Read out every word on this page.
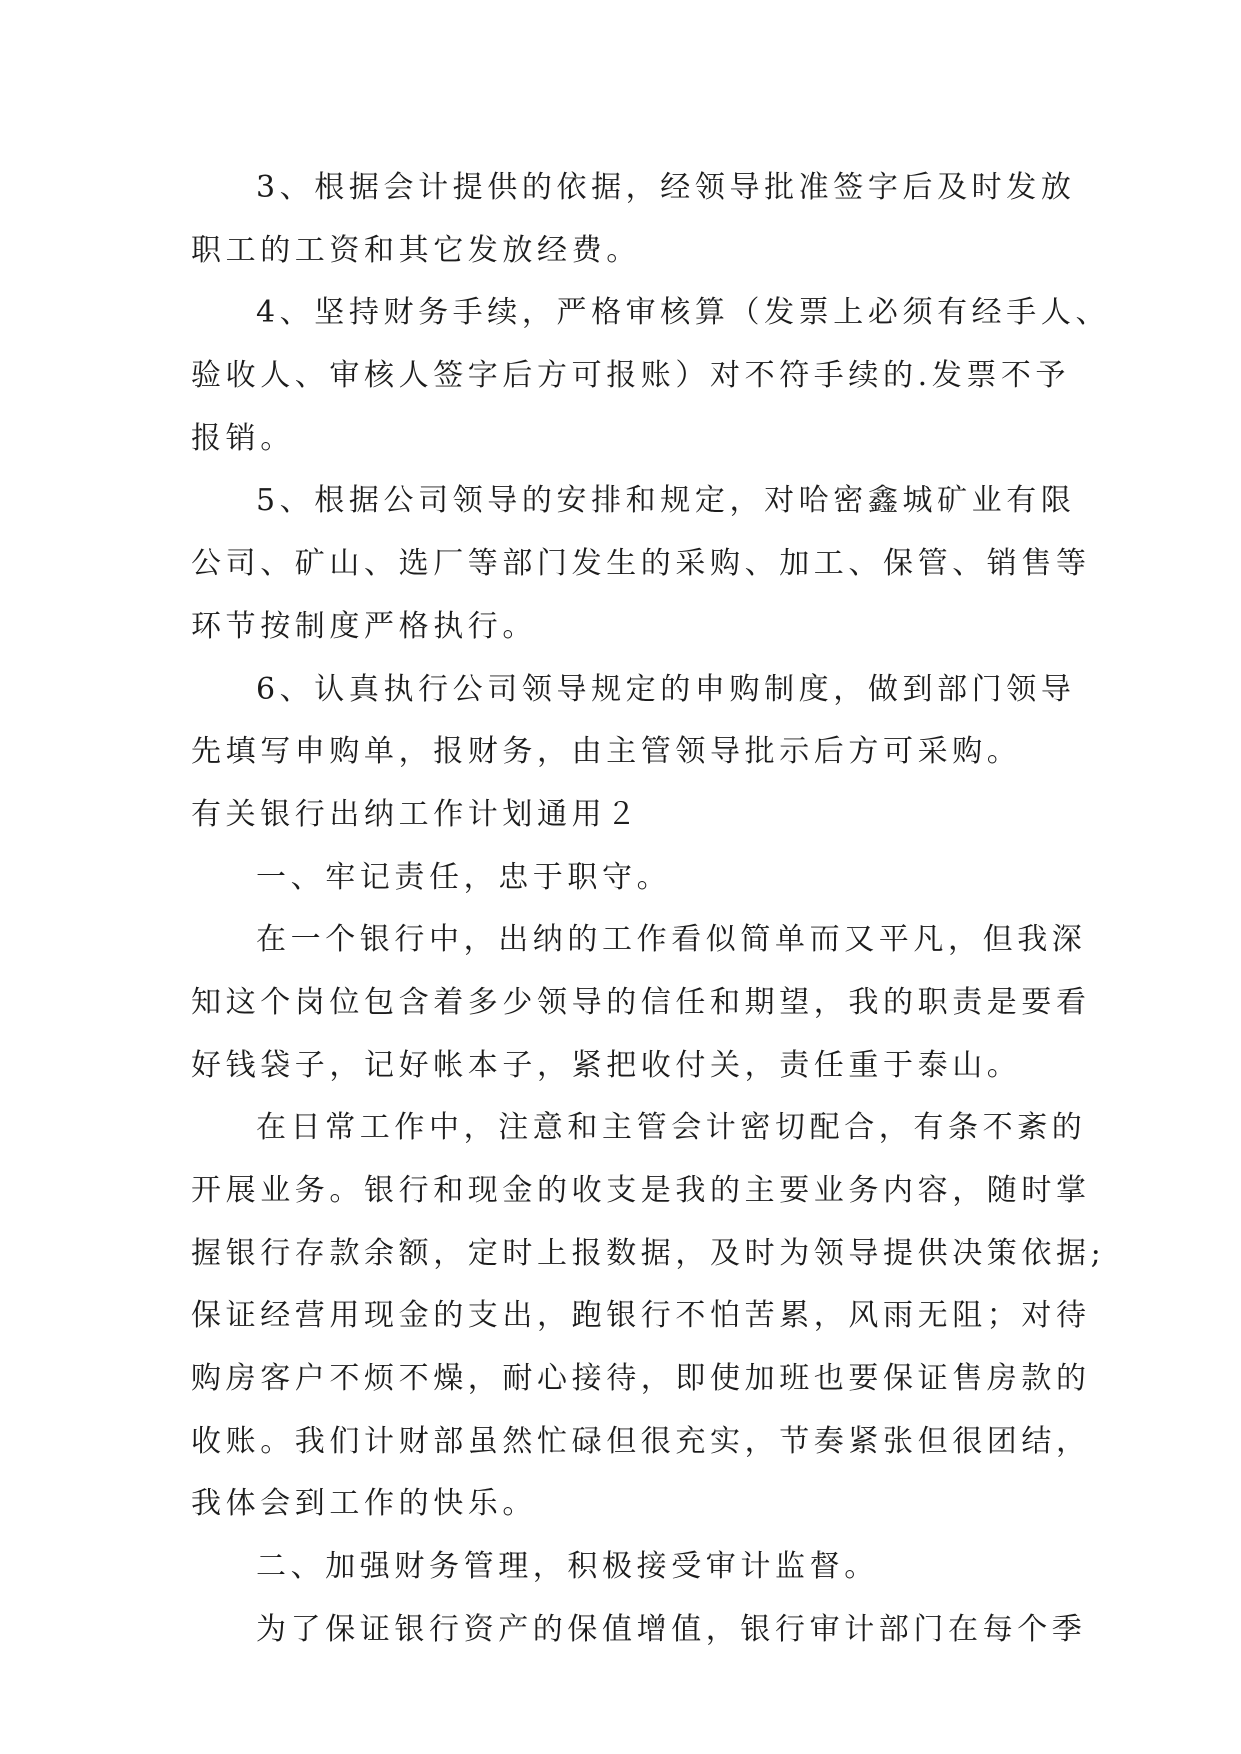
3、根据会计提供的依据，经领导批准签字后及时发放
职工的工资和其它发放经费。
4、坚持财务手续，严格审核算（发票上必须有经手人、
验收人、审核人签字后方可报账）对不符手续的.发票不予
报销。
5、根据公司领导的安排和规定，对哈密鑫城矿业有限
公司、矿山、选厂等部门发生的采购、加工、保管、销售等
环节按制度严格执行。
6、认真执行公司领导规定的申购制度，做到部门领导
先填写申购单，报财务，由主管领导批示后方可采购。
有关银行出纳工作计划通用２
一、牢记责任，忠于职守。
在一个银行中，出纳的工作看似简单而又平凡，但我深
知这个岗位包含着多少领导的信任和期望，我的职责是要看
好钱袋子，记好帐本子，紧把收付关，责任重于泰山。
在日常工作中，注意和主管会计密切配合，有条不紊的
开展业务。银行和现金的收支是我的主要业务内容，随时掌
握银行存款余额，定时上报数据，及时为领导提供决策依据;
保证经营用现金的支出，跑银行不怕苦累，风雨无阻；对待
购房客户不烦不燥，耐心接待，即使加班也要保证售房款的
收账。我们计财部虽然忙碌但很充实，节奏紧张但很团结，
我体会到工作的快乐。
二、加强财务管理，积极接受审计监督。
为了保证银行资产的保值增值，银行审计部门在每个季
